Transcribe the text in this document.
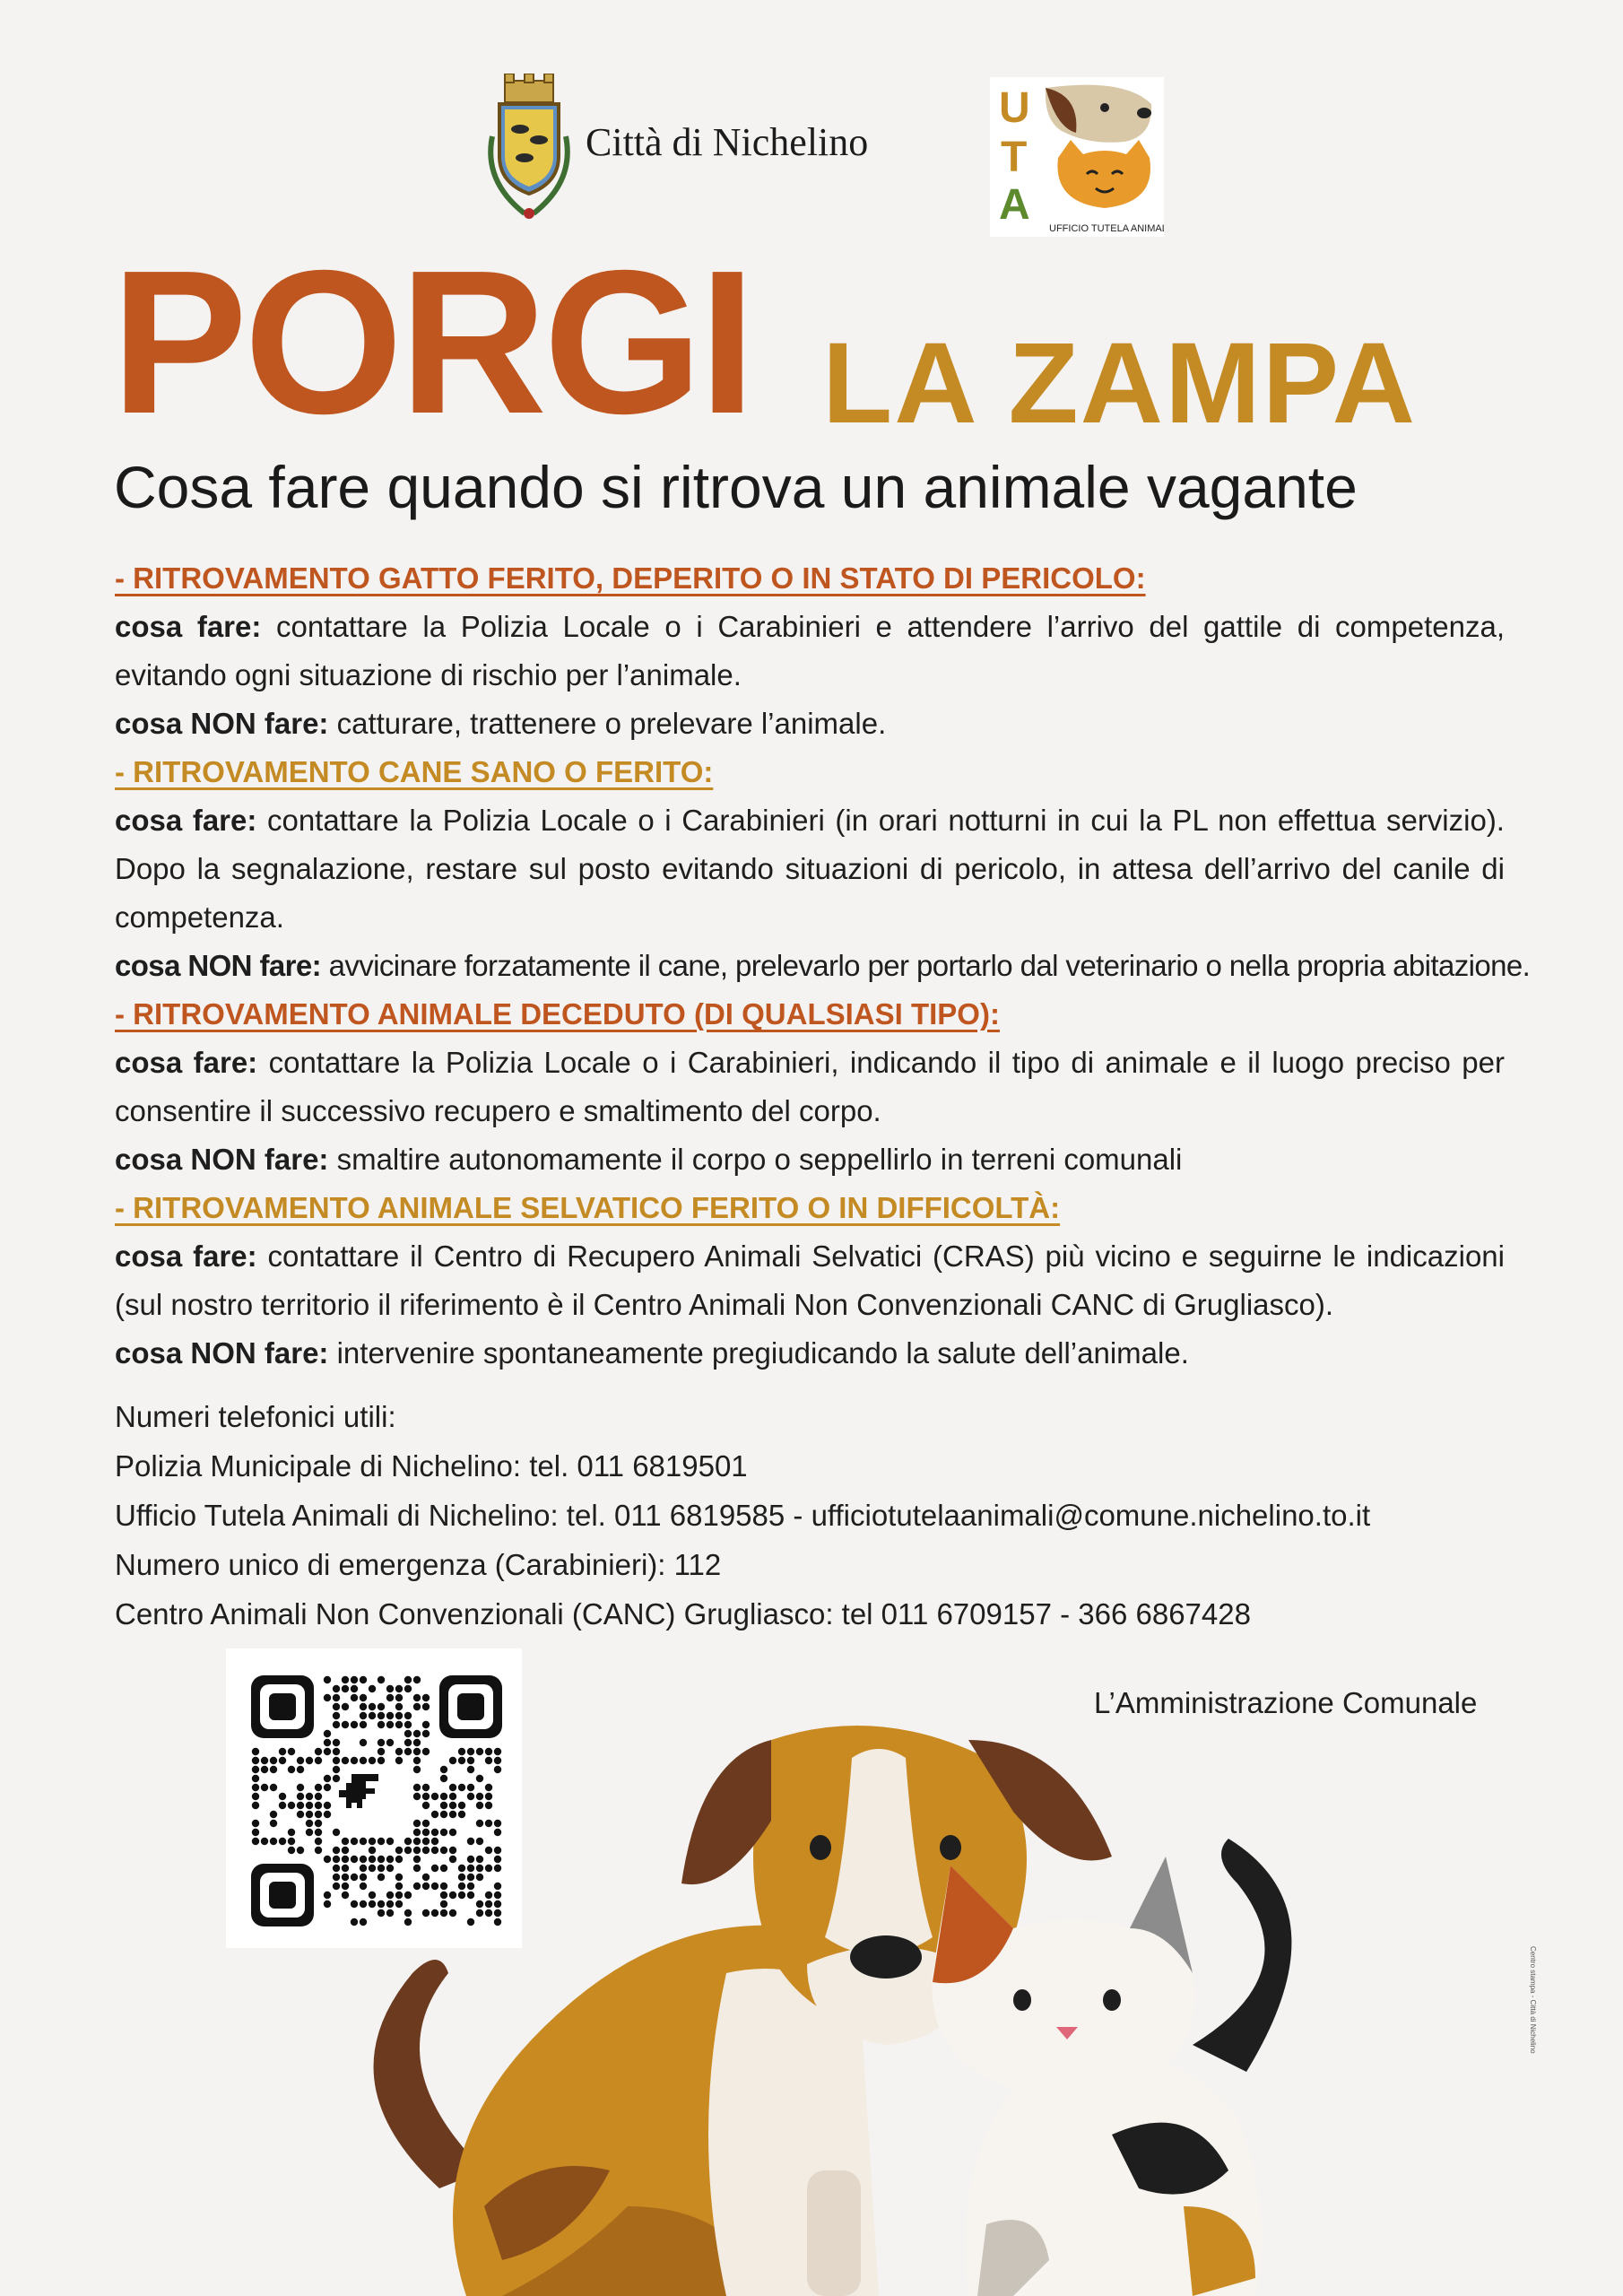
Città di Nichelino
U
T
A UFFICIO TUTELA ANIMALI
PORGI LA ZAMPA
Cosa fare quando si ritrova un animale vagante
- RITROVAMENTO GATTO FERITO, DEPERITO O IN STATO DI PERICOLO:
cosa fare: contattare la Polizia Locale o i Carabinieri e attendere l’arrivo del gattile di competenza, evitando ogni situazione di rischio per l’animale.
cosa NON fare: catturare, trattenere o prelevare l’animale.
- RITROVAMENTO CANE SANO O FERITO:
cosa fare: contattare la Polizia Locale o i Carabinieri (in orari notturni in cui la PL non effettua servizio). Dopo la segnalazione, restare sul posto evitando situazioni di pericolo, in attesa dell’arrivo del canile di competenza.
cosa NON fare: avvicinare forzatamente il cane, prelevarlo per portarlo dal veterinario o nella propria abitazione.
- RITROVAMENTO ANIMALE DECEDUTO (DI QUALSIASI TIPO):
cosa fare: contattare la Polizia Locale o i Carabinieri, indicando il tipo di animale e il luogo preciso per consentire il successivo recupero e smaltimento del corpo.
cosa NON fare: smaltire autonomamente il corpo o seppellirlo in terreni comunali
- RITROVAMENTO ANIMALE SELVATICO FERITO O IN DIFFICOLTÀ:
cosa fare: contattare il Centro di Recupero Animali Selvatici (CRAS) più vicino e seguirne le indicazioni (sul nostro territorio il riferimento è il Centro Animali Non Convenzionali CANC di Grugliasco).
cosa NON fare: intervenire spontaneamente pregiudicando la salute dell’animale.
Numeri telefonici utili:
Polizia Municipale di Nichelino: tel. 011 6819501
Ufficio Tutela Animali di Nichelino: tel. 011 6819585 - ufficiotutelaanimali@comune.nichelino.to.it
Numero unico di emergenza (Carabinieri): 112
Centro Animali Non Convenzionali (CANC) Grugliasco: tel 011 6709157 - 366 6867428
L’Amministrazione Comunale
Centro stampa - Città di Nichelino
